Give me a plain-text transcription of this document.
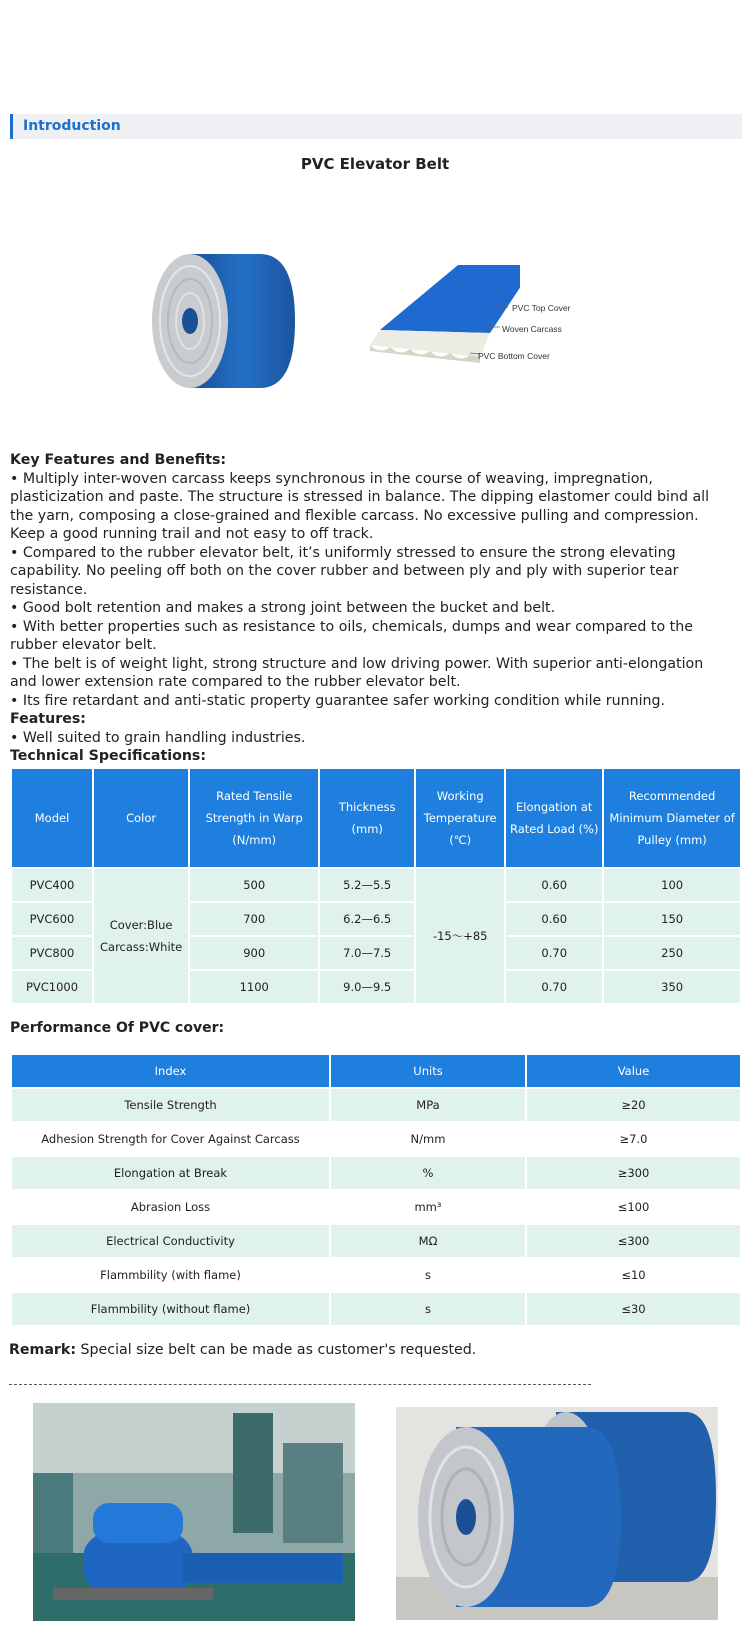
Introduction
PVC Elevator Belt
PVC Top Cover
Woven Carcass
PVC Bottom Cover

Key Features and Benefits:

• Multiply inter-woven carcass keeps synchronous in the course of weaving, impregnation, plasticization and paste. The structure is stressed in balance. The dipping elastomer could bind all the yarn, composing a close-grained and flexible carcass. No excessive pulling and compression. Keep a good running trail and not easy to off track.

• Compared to the rubber elevator belt, it’s uniformly stressed to ensure the strong elevating capability. No peeling off both on the cover rubber and between ply and ply with superior tear resistance.

• Good bolt retention and makes a strong joint between the bucket and belt.

• With better properties such as resistance to oils, chemicals, dumps and wear compared to the rubber elevator belt.

• The belt is of weight light, strong structure and low driving power. With superior anti-elongation and lower extension rate compared to the rubber elevator belt.

• Its fire retardant and anti-static property guarantee safer working condition while running.

Features:

• Well suited to grain handling industries.

Technical Specifications:

Model	Color	Rated Tensile Strength in Warp (N/mm)	Thickness (mm)	Working Temperature (℃)	Elongation at Rated Load (%)	Recommended Minimum Diameter of Pulley (mm)
PVC400	Cover:Blue Carcass:White	500	5.2—5.5	-15～+85	0.60	100
PVC600		700	6.2—6.5		0.60	150
PVC800		900	7.0—7.5		0.70	250
PVC1000		1100	9.0—9.5		0.70	350
Performance Of PVC cover:
Index	Units	Value
Tensile Strength	MPa	≥20
Adhesion Strength for Cover Against Carcass	N/mm	≥7.0
Elongation at Break	%	≥300
Abrasion Loss	mm³	≤100
Electrical Conductivity	MΩ	≤300
Flammbility (with flame)	s	≤10
Flammbility (without flame)	s	≤30
Remark: Special size belt can be made as customer's requested.
